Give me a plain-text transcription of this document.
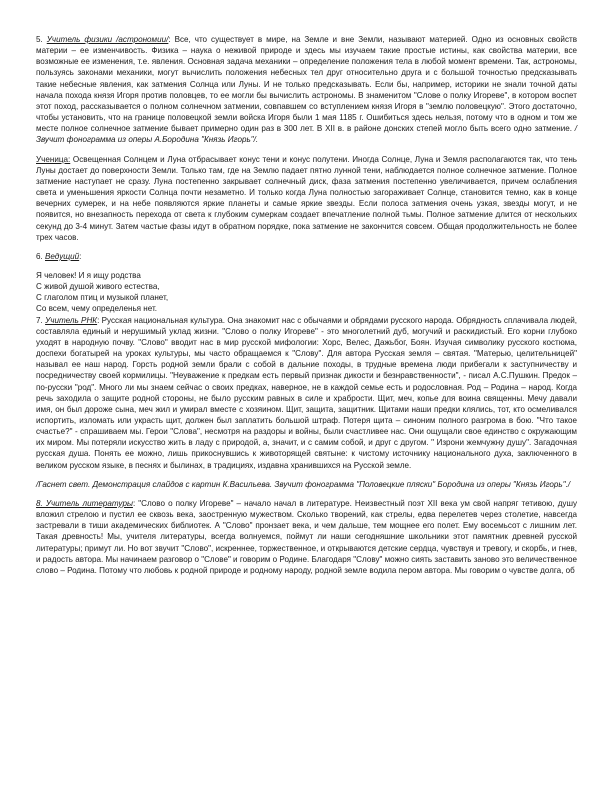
5. Учитель физики /астрономии/: Все, что существует в мире, на Земле и вне Земли, называют материей. Одно из основных свойств материи – ее изменчивость. Физика – наука о неживой природе и здесь мы изучаем такие простые истины, как свойства материи, все возможные ее изменения, т.е. явления. Основная задача механики – определение положения тела в любой момент времени. Так, астрономы, пользуясь законами механики, могут вычислить положения небесных тел друг относительно друга и с большой точностью предсказывать такие небесные явления, как затмения Солнца или Луны. И не только предсказывать. Если бы, например, историки не знали точной даты начала похода князя Игоря против половцев, то ее могли бы вычислить астрономы. В знаменитом "Слове о полку Игореве", в котором воспет этот поход, рассказывается о полном солнечном затмении, совпавшем со вступлением князя Игоря в "землю половецкую". Этого достаточно, чтобы установить, что на границе половецкой земли войска Игоря были 1 мая 1185 г. Ошибиться здесь нельзя, потому что в одном и том же месте полное солнечное затмение бывает примерно один раз в 300 лет. В XII в. в районе донских степей могло быть всего одно затмение. /Звучит фонограмма из оперы А.Бородина "Князь Игорь"/.

Ученица: Освещенная Солнцем и Луна отбрасывает конус тени и конус полутени. Иногда Солнце, Луна и Земля располагаются так, что тень Луны достает до поверхности Земли. Только там, где на Землю падает пятно лунной тени, наблюдается полное солнечное затмение. Полное затмение наступает не сразу. Луна постепенно закрывает солнечный диск, фаза затмения постепенно увеличивается, причем ослабления света и уменьшения яркости Солнца почти незаметно. И только когда Луна полностью загораживает Солнце, становится темно, как в конце вечерних сумерек, и на небе появляются яркие планеты и самые яркие звезды. Если полоса затмения очень узкая, звезды могут, и не появится, но внезапность перехода от света к глубоким сумеркам создает впечатление полной тьмы. Полное затмение длится от нескольких секунд до 3-4 минут. Затем частые фазы идут в обратном порядке, пока затмение не закончится совсем. Общая продолжительность не более трех часов.

6. Ведущий:

Я человек! И я ищу родства

С живой душой живого естества,

С глаголом птиц и музыкой планет,

Со всем, чему определенья нет.

7. Учитель РНК: Русская национальная культура. Она знакомит нас с обычаями и обрядами русского народа. Обрядность сплачивала людей, составляла единый и нерушимый уклад жизни. "Слово о полку Игореве" - это многолетний дуб, могучий и раскидистый. Его корни глубоко уходят в народную почву. "Слово" вводит нас в мир русской мифологии: Хорс, Велес, Дажьбог, Боян. Изучая символику русского костюма, доспехи богатырей на уроках культуры, мы часто обращаемся к "Слову". Для автора Русская земля – святая. "Матерью, целительницей" называл ее наш народ. Горсть родной земли брали с собой в дальние походы, в трудные времена люди прибегали к заступничеству и посредничеству своей кормилицы. "Неуважение к предкам есть первый признак дикости и безнравственности", - писал А.С.Пушкин. Предок – по-русски "род". Много ли мы знаем сейчас о своих предках, наверное, не в каждой семье есть и родословная. Род – Родина – народ. Когда речь заходила о защите родной стороны, не было русским равных в силе и храбрости. Щит, меч, копье для воина священны. Мечу давали имя, он был дороже сына, меч жил и умирал вместе с хозяином. Щит, защита, защитник. Щитами наши предки клялись, тот, кто осмеливался испортить, изломать или украсть щит, должен был заплатить большой штраф. Потеря щита – синоним полного разгрома в бою. "Что такое счастье?" - спрашиваем мы. Герои "Слова", несмотря на раздоры и войны, были счастливее нас. Они ощущали свое единство с окружающим их миром. Мы потеряли искусство жить в ладу с природой, а, значит, и с самим собой, и друг с другом. " Изрони жемчужну душу". Загадочная русская душа. Понять ее можно, лишь прикоснувшись к животорящей святыне: к чистому источнику национального духа, заключенного в великом русском языке, в песнях и былинах, в традициях, издавна хранившихся на Русской земле.

/Гаснет свет. Демонстрация слайдов с картин К.Васильева. Звучит фонограмма "Половецкие пляски" Бородина из оперы "Князь Игорь"./

8. Учитель литературы: "Слово о полку Игореве" – начало начал в литературе. Неизвестный поэт XII века ум свой напряг тетивою, душу вложил стрелою и пустил ее сквозь века, заостренную мужеством. Сколько творений, как стрелы, едва перелетев через столетие, навсегда застревали в тиши академических библиотек. А "Слово" пронзает века, и чем дальше, тем мощнее его полет. Ему восемьсот с лишним лет. Такая древность! Мы, учителя литературы, всегда волнуемся, поймут ли наши сегодняшние школьники этот памятник древней русской литературы; примут ли. Но вот звучит "Слово", искреннее, торжественное, и открываются детские сердца, чувствуя и тревогу, и скорбь, и гнев, и радость автора. Мы начинаем разговор о "Слове" и говорим о Родине. Благодаря "Слову" можно сиять заставить заново это величественное слово – Родина. Потому что любовь к родной природе и родному народу, родной земле водила пером автора. Мы говорим о чувстве долга, об
